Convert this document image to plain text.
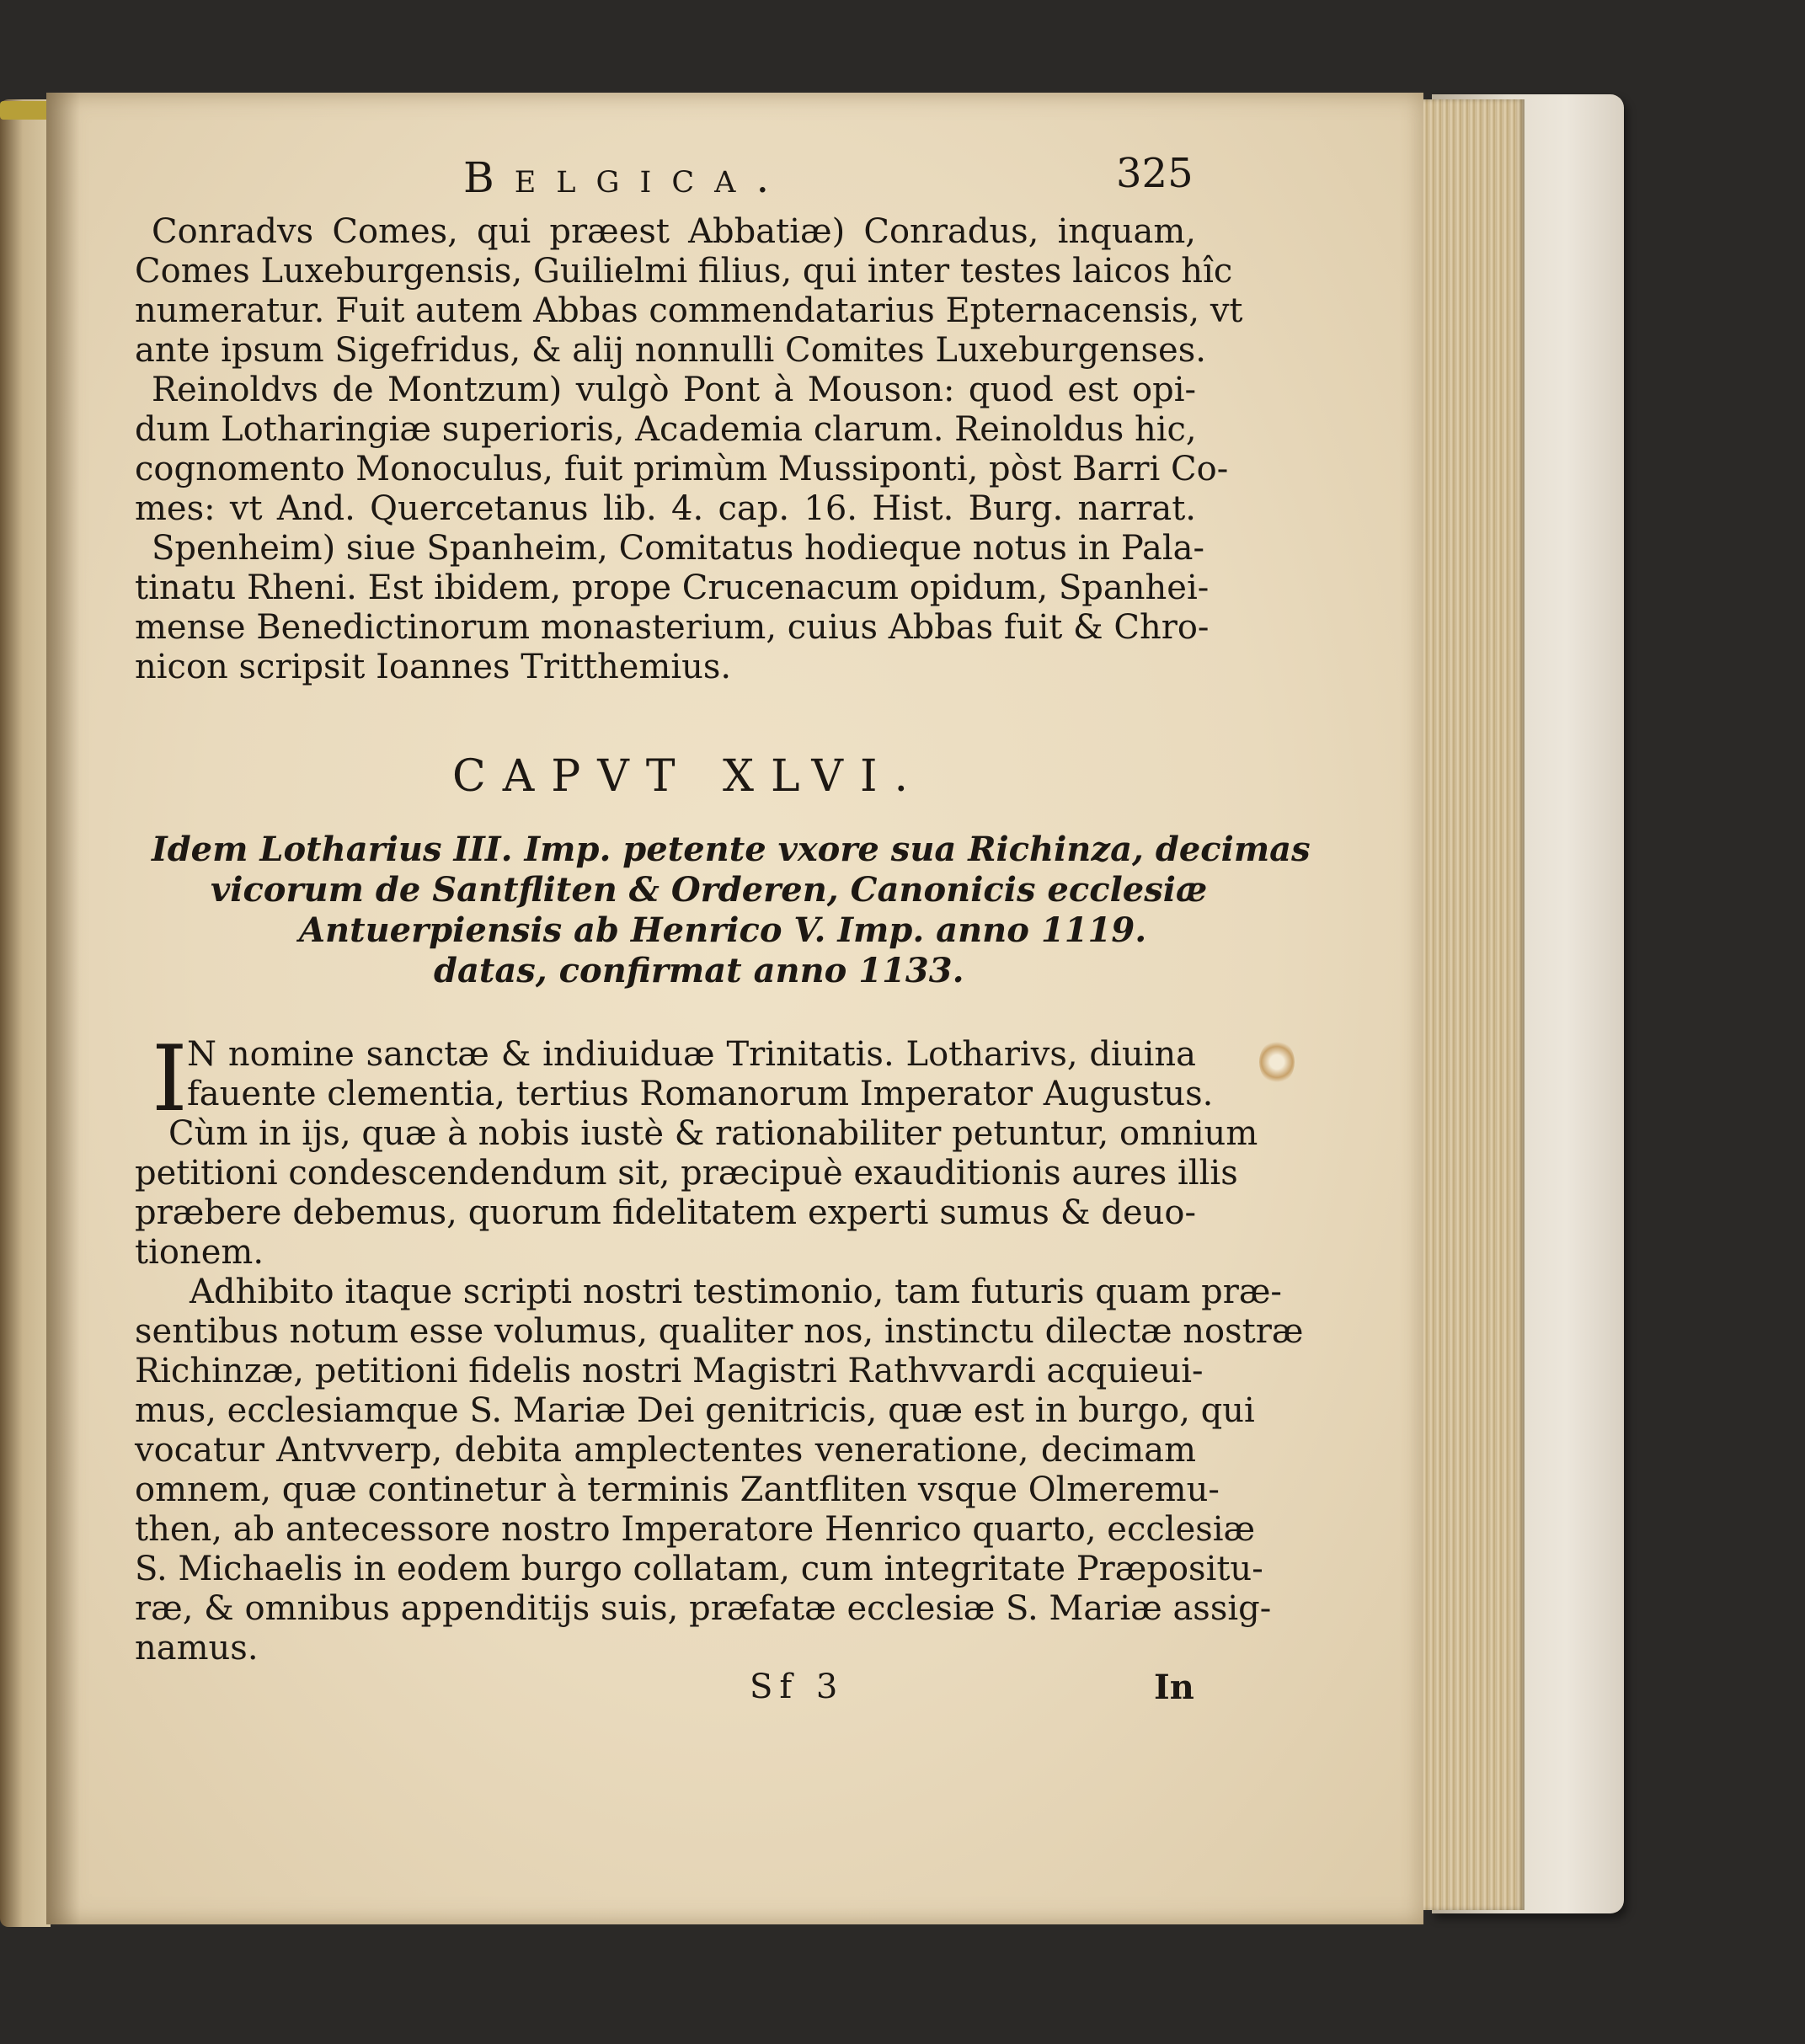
Belgica.	325
Conradvs Comes, qui præest Abbatiæ) Conradus, inquam,
Comes Luxeburgensis, Guilielmi filius, qui inter testes laicos hîc
numeratur. Fuit autem Abbas commendatarius Epternacensis, vt
ante ipsum Sigefridus, & alij nonnulli Comites Luxeburgenses.
Reinoldvs de Montzum) vulgò Pont à Mouson: quod est opi-
dum Lotharingiæ superioris, Academia clarum. Reinoldus hic,
cognomento Monoculus, fuit primùm Mussiponti, pòst Barri Co-
mes: vt And. Quercetanus lib. 4. cap. 16. Hist. Burg. narrat.
Spenheim) siue Spanheim, Comitatus hodieque notus in Pala-
tinatu Rheni. Est ibidem, prope Crucenacum opidum, Spanhei-
mense Benedictinorum monasterium, cuius Abbas fuit & Chro-
nicon scripsit Ioannes Tritthemius.
CAPVT XLVI.
Idem Lotharius III. Imp. petente vxore sua Richinza, decimas
vicorum de Santfliten & Orderen, Canonicis ecclesiæ
Antuerpiensis ab Henrico V. Imp. anno 1119.
datas, confirmat anno 1133.
I N nomine sanctæ & indiuiduæ Trinitatis. Lotharivs, diuina
fauente clementia, tertius Romanorum Imperator Augustus.
Cùm in ijs, quæ à nobis iustè & rationabiliter petuntur, omnium
petitioni condescendendum sit, præcipuè exauditionis aures illis
præbere debemus, quorum fidelitatem experti sumus & deuo-
tionem.
Adhibito itaque scripti nostri testimonio, tam futuris quam præ-
sentibus notum esse volumus, qualiter nos, instinctu dilectæ nostræ
Richinzæ, petitioni fidelis nostri Magistri Rathvvardi acquieui-
mus, ecclesiamque S. Mariæ Dei genitricis, quæ est in burgo, qui
vocatur Antvverp, debita amplectentes veneratione, decimam
omnem, quæ continetur à terminis Zantfliten vsque Olmeremu-
then, ab antecessore nostro Imperatore Henrico quarto, ecclesiæ
S. Michaelis in eodem burgo collatam, cum integritate Præpositu-
ræ, & omnibus appenditijs suis, præfatæ ecclesiæ S. Mariæ assig-
namus.
Sf 3	In
